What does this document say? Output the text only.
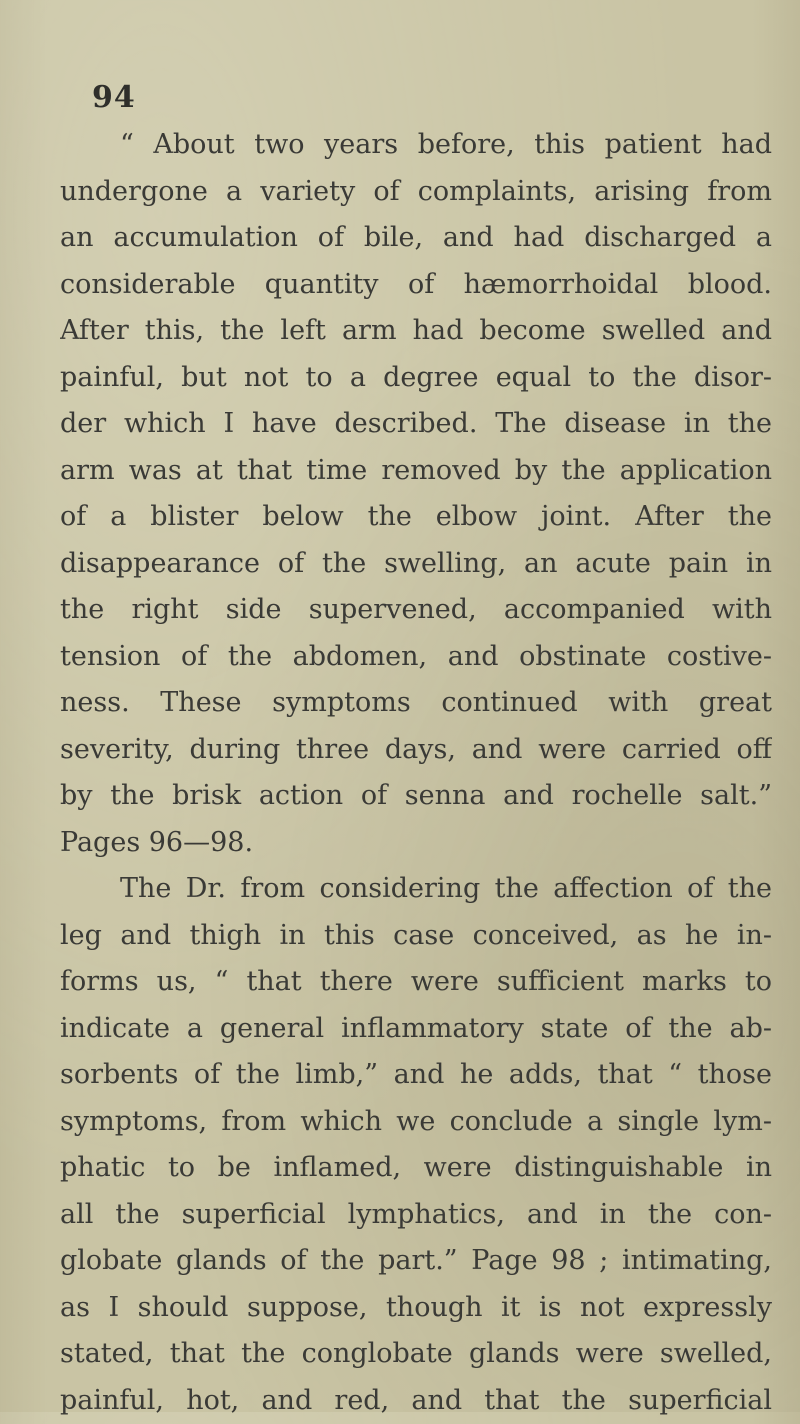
94
“ About two years before, this patient had
undergone a variety of complaints, arising from
an accumulation of bile, and had discharged a
considerable quantity of hæmorrhoidal blood.
After this, the left arm had become swelled and
painful, but not to a degree equal to the disor-
der which I have described. The disease in the
arm was at that time removed by the application
of a blister below the elbow joint. After the
disappearance of the swelling, an acute pain in
the right side supervened, accompanied with
tension of the abdomen, and obstinate costive-
ness. These symptoms continued with great
severity, during three days, and were carried off
by the brisk action of senna and rochelle salt.”
Pages 96—98.
The Dr. from considering the affection of the
leg and thigh in this case conceived, as he in-
forms us, “ that there were sufficient marks to
indicate a general inflammatory state of the ab-
sorbents of the limb,” and he adds, that “ those
symptoms, from which we conclude a single lym-
phatic to be inflamed, were distinguishable in
all the superficial lymphatics, and in the con-
globate glands of the part.” Page 98 ; intimating,
as I should suppose, though it is not expressly
stated, that the conglobate glands were swelled,
painful, hot, and red, and that the superficial
